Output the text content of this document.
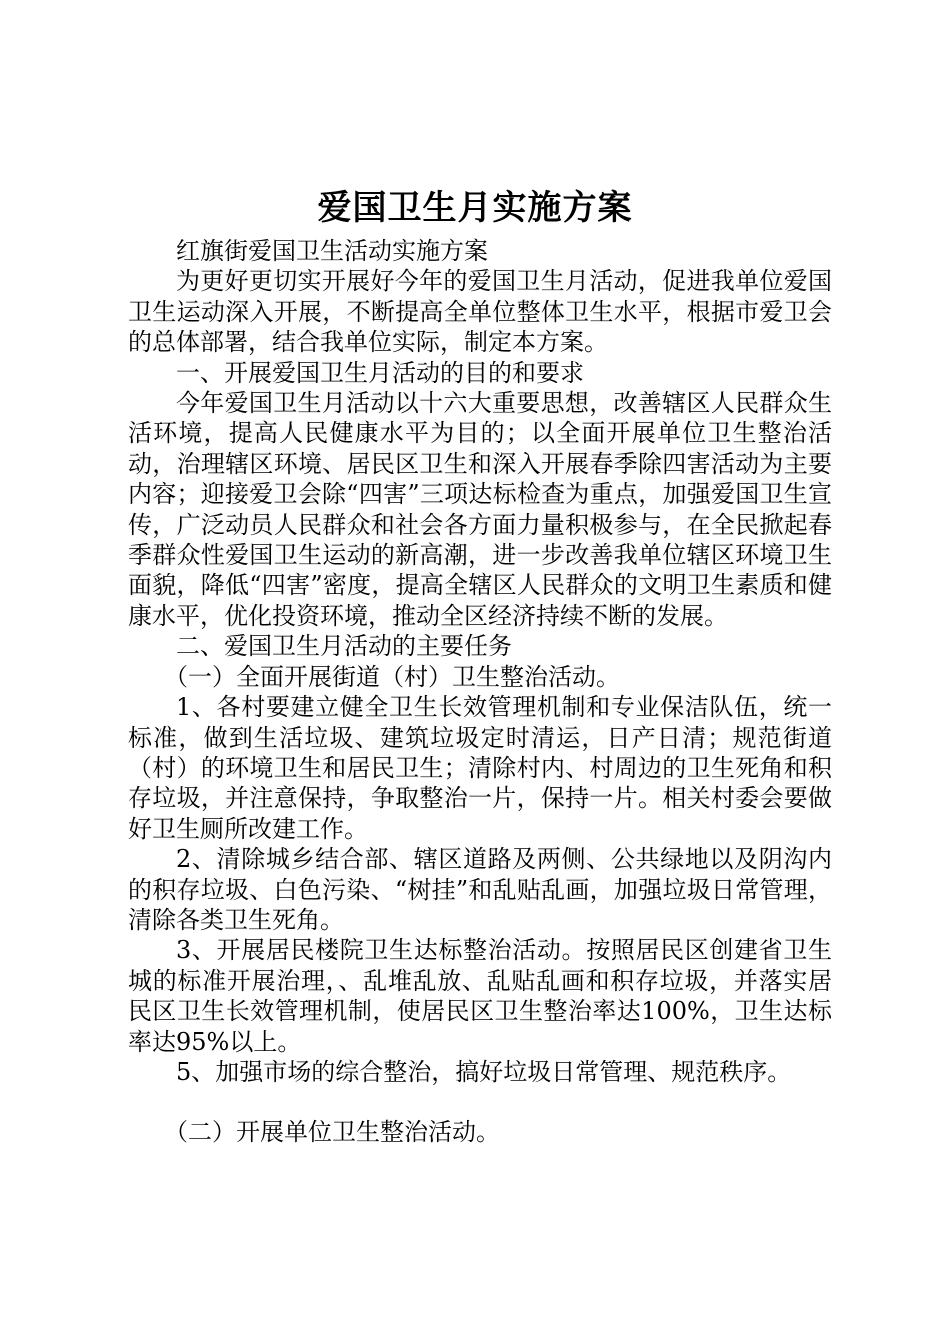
爱国卫生月实施方案

红旗街爱国卫生活动实施方案

为更好更切实开展好今年的爱国卫生月活动，促进我单位爱国卫生运动深入开展，不断提高全单位整体卫生水平，根据市爱卫会的总体部署，结合我单位实际，制定本方案。

一、开展爱国卫生月活动的目的和要求

今年爱国卫生月活动以十六大重要思想，改善辖区人民群众生活环境，提高人民健康水平为目的；以全面开展单位卫生整治活动，治理辖区环境、居民区卫生和深入开展春季除四害活动为主要内容；迎接爱卫会除“四害”三项达标检查为重点，加强爱国卫生宣传，广泛动员人民群众和社会各方面力量积极参与，在全民掀起春季群众性爱国卫生运动的新高潮，进一步改善我单位辖区环境卫生面貌，降低“四害”密度，提高全辖区人民群众的文明卫生素质和健康水平，优化投资环境，推动全区经济持续不断的发展。

二、爱国卫生月活动的主要任务

（一）全面开展街道（村）卫生整治活动。

1、各村要建立健全卫生长效管理机制和专业保洁队伍，统一标准，做到生活垃圾、建筑垃圾定时清运，日产日清；规范街道（村）的环境卫生和居民卫生；清除村内、村周边的卫生死角和积存垃圾，并注意保持，争取整治一片，保持一片。相关村委会要做好卫生厕所改建工作。

2、清除城乡结合部、辖区道路及两侧、公共绿地以及阴沟内的积存垃圾、白色污染、“树挂”和乱贴乱画，加强垃圾日常管理，清除各类卫生死角。

3、开展居民楼院卫生达标整治活动。按照居民区创建省卫生城的标准开展治理，、乱堆乱放、乱贴乱画和积存垃圾，并落实居民区卫生长效管理机制，使居民区卫生整治率达100%，卫生达标率达95%以上。

5、加强市场的综合整治，搞好垃圾日常管理、规范秩序。

（二）开展单位卫生整治活动。
